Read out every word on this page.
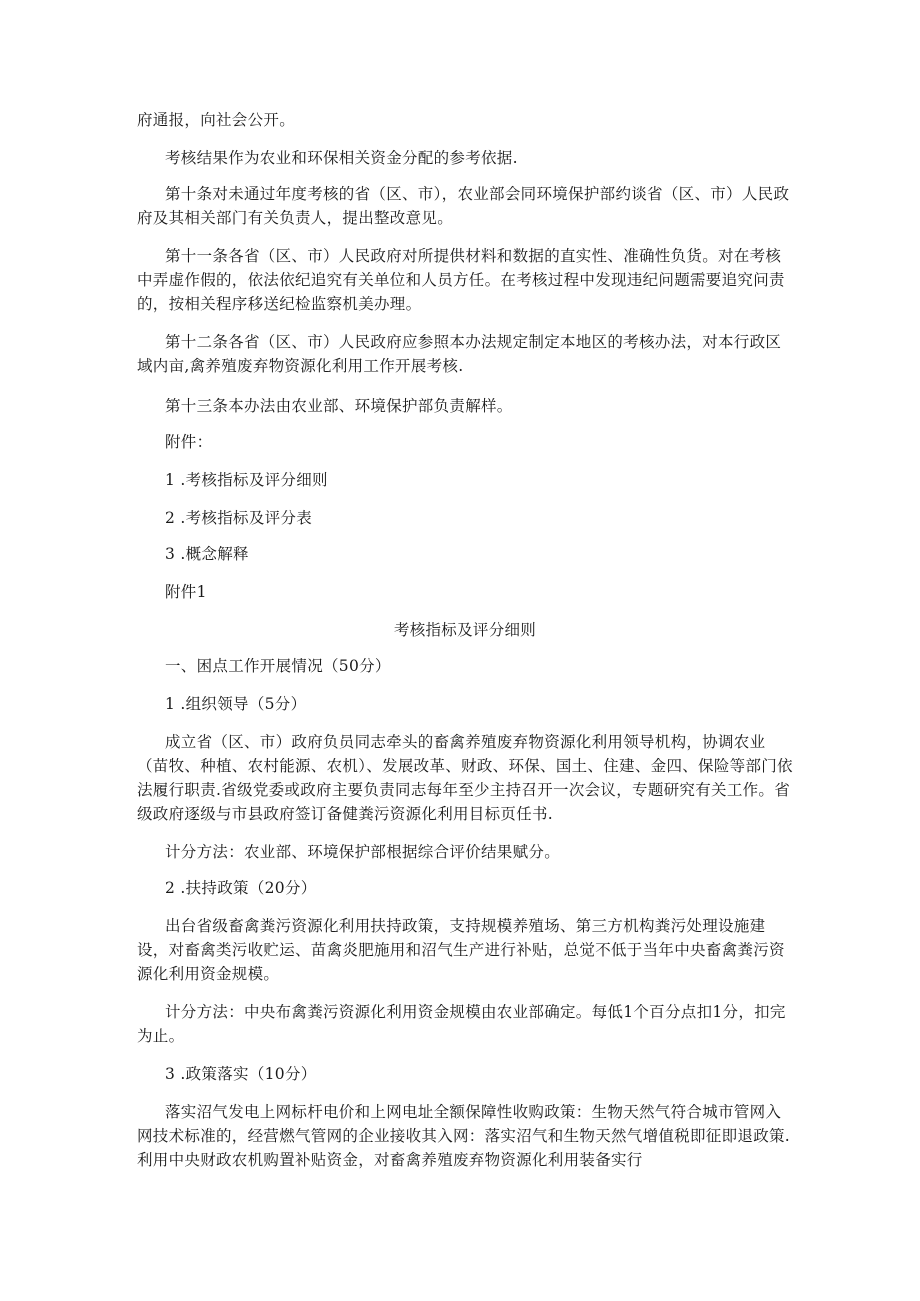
府通报，向社会公开。

考核结果作为农业和环保相关资金分配的参考依据.

第十条对未通过年度考核的省（区、市），农业部会同环境保护部约谈省（区、市）人民政府及其相关部门有关负责人，提出整改意见。

第十一条各省（区、市）人民政府对所提供材料和数据的直实性、准确性负货。对在考核中弄虚作假的，依法依纪追究有关单位和人员方任。在考核过程中发现违纪问题需要追究问责的，按相关程序移送纪检监察机美办理。

第十二条各省（区、市）人民政府应参照本办法规定制定本地区的考核办法，对本行政区域内亩,禽养殖废弃物资源化利用工作开展考核.

第十三条本办法由农业部、环境保护部负责解样。

附件：

1 .考核指标及评分细则

2 .考核指标及评分表

3 .概念解释

附件1

考核指标及评分细则

一、困点工作开展情况（50分）

1 .组织领导（5分）

成立省（区、市）政府负员同志牵头的畜禽养殖废弃物资源化利用领导机构，协调农业（苗牧、种植、农村能源、农机）、发展改革、财政、环保、国土、住建、金四、保险等部门依法履行职责.省级党委或政府主要负责同志每年至少主持召开一次会议，专题研究有关工作。省级政府逐级与市县政府签订备健粪污资源化利用目标页任书.

计分方法：农业部、环境保护部根据综合评价结果赋分。

2 .扶持政策（20分）

出台省级畜禽粪污资源化利用扶持政策，支持规模养殖场、第三方机构粪污处理设施建设，对畜禽类污收贮运、苗禽炎肥施用和沼气生产进行补贴，总觉不低于当年中央畜禽粪污资源化利用资金规模。

计分方法：中央布禽粪污资源化利用资金规模由农业部确定。每低1个百分点扣1分，扣完为止。

3 .政策落实（10分）

落实沼气发电上网标杆电价和上网电址全额保障性收购政策：生物天然气符合城市管网入网技术标准的，经营燃气管网的企业接收其入网：落实沼气和生物天然气增值税即征即退政策.利用中央财政农机购置补贴资金，对畜禽养殖废弃物资源化利用装备实行
